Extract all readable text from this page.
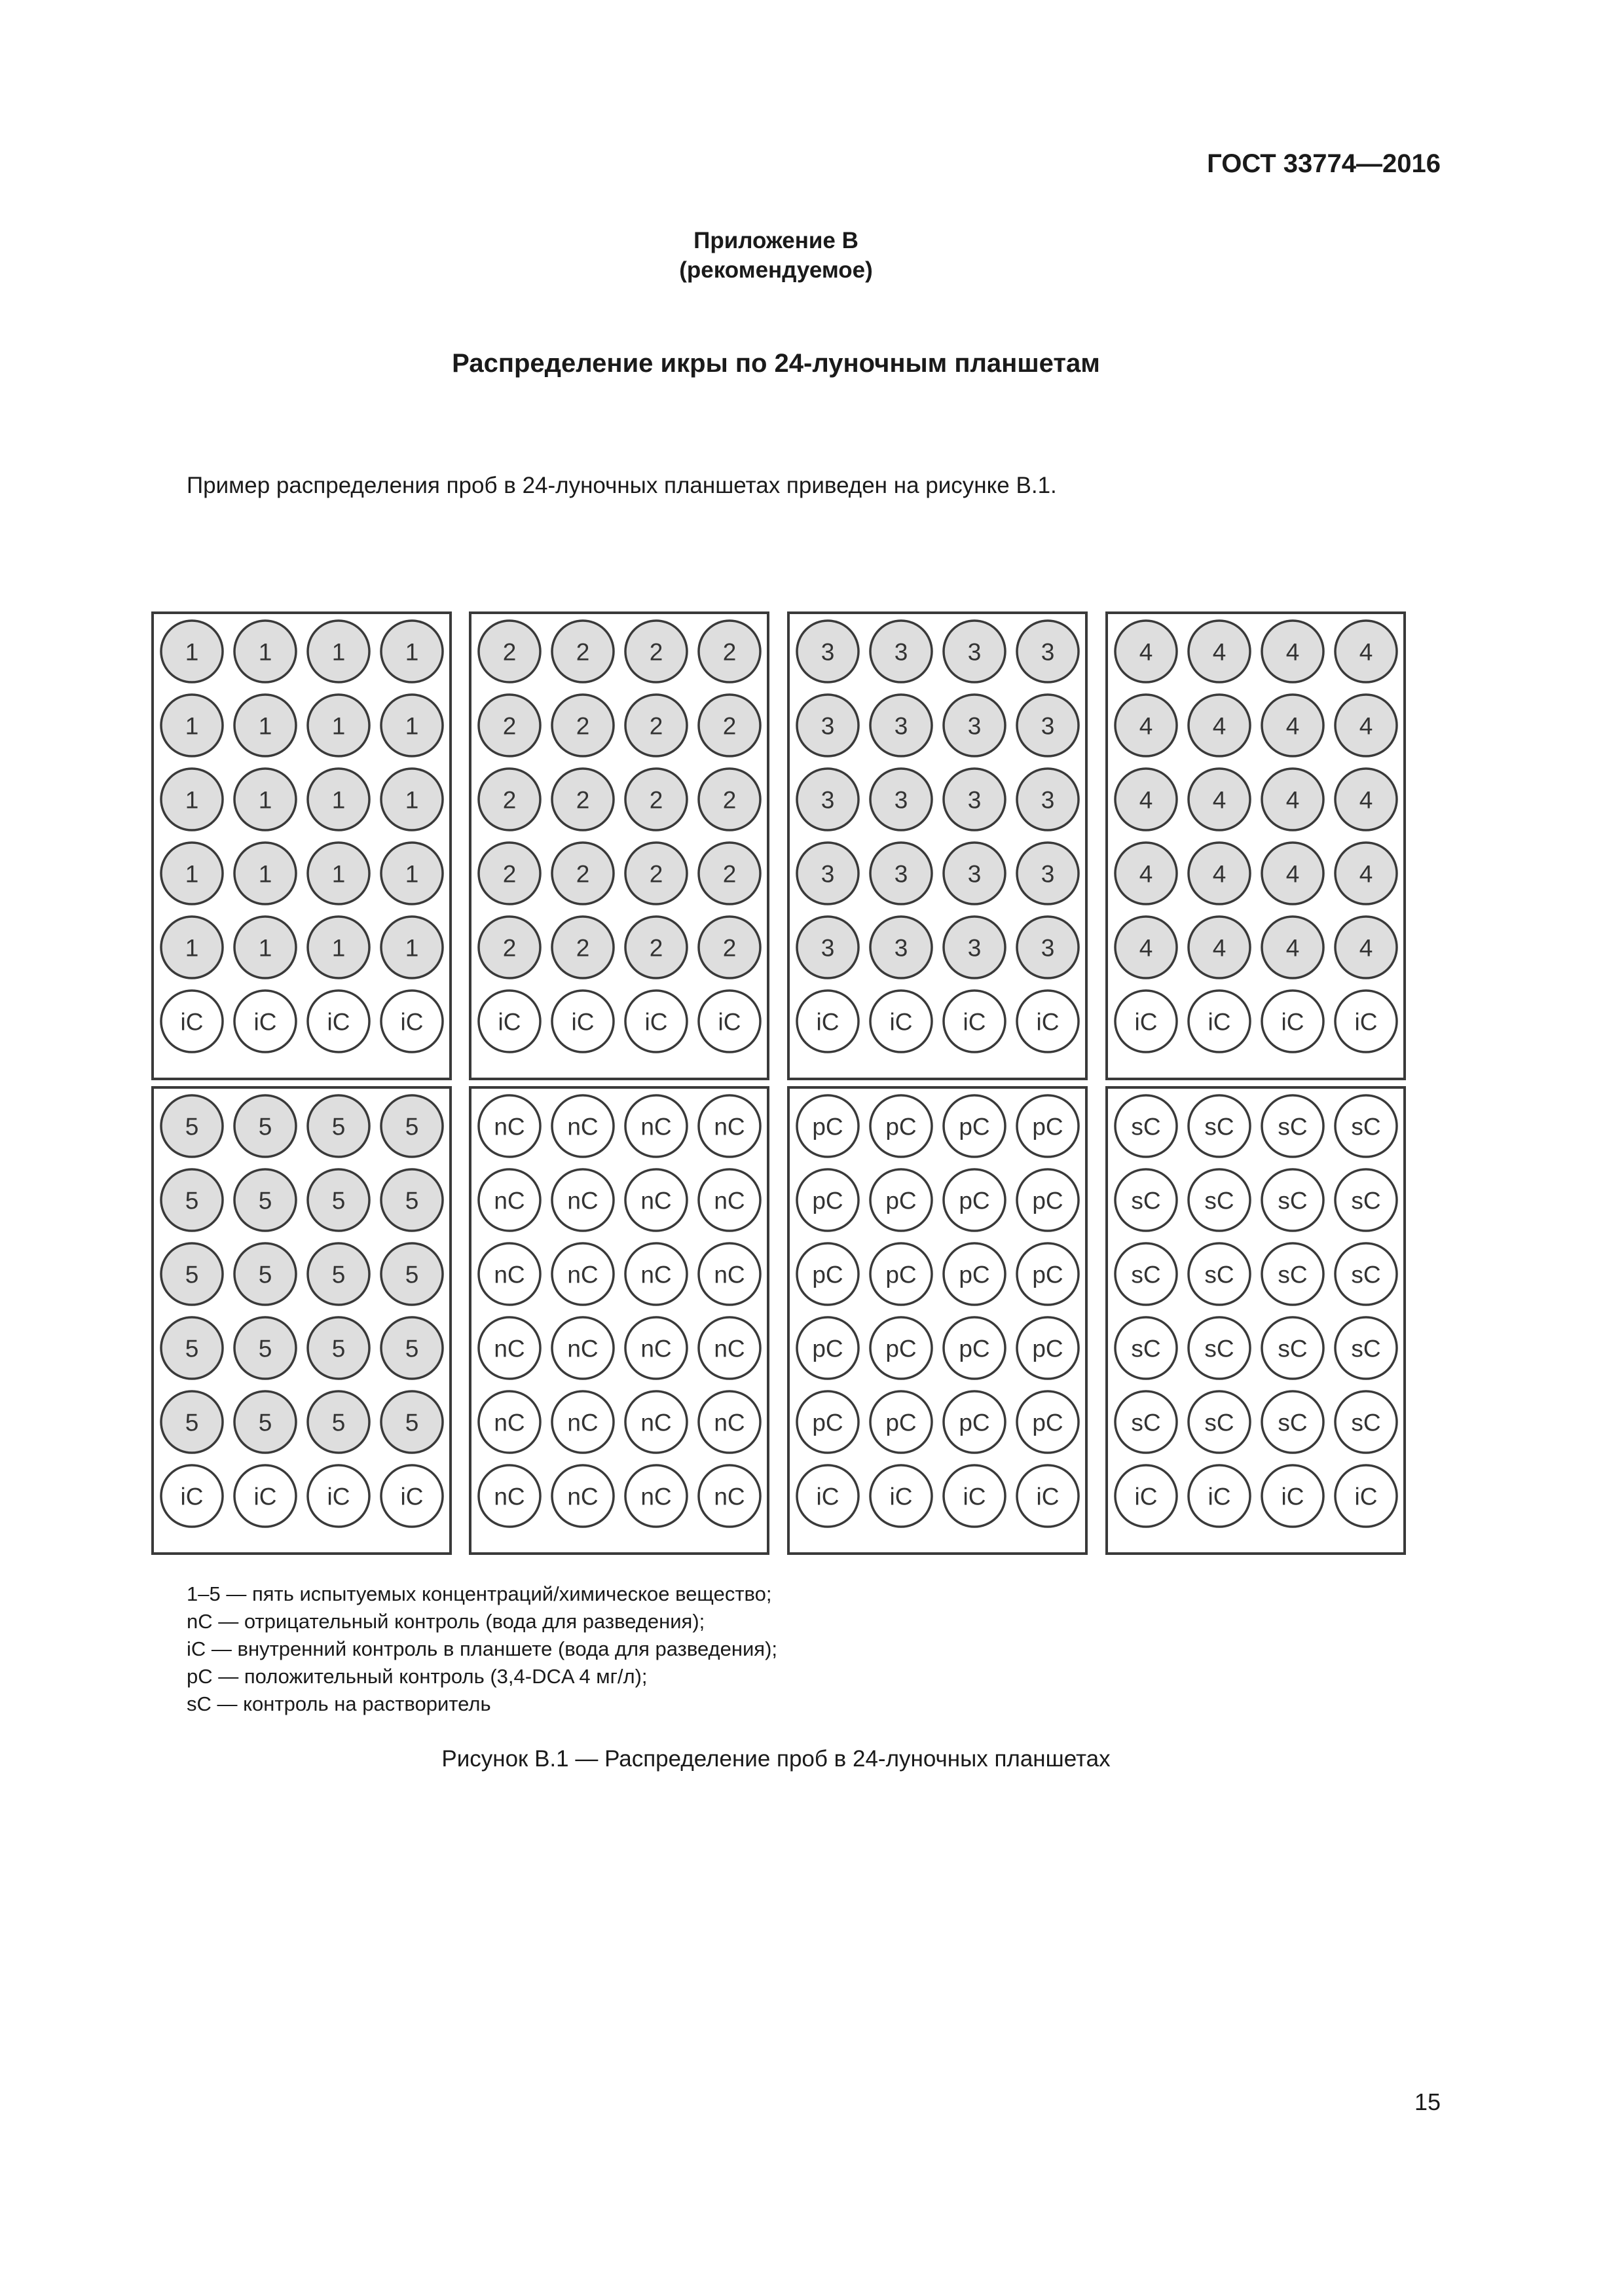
ГОСТ 33774—2016
Приложение В
(рекомендуемое)
Распределение икры по 24-луночным планшетам
Пример распределения проб в 24-луночных планшетах приведен на рисунке В.1.
1 1 1 1
1 1 1 1
1 1 1 1
1 1 1 1
1 1 1 1
iC iC iC iC
2 2 2 2
2 2 2 2
2 2 2 2
2 2 2 2
2 2 2 2
iC iC iC iC
3 3 3 3
3 3 3 3
3 3 3 3
3 3 3 3
3 3 3 3
iC iC iC iC
4 4 4 4
4 4 4 4
4 4 4 4
4 4 4 4
4 4 4 4
iC iC iC iC
5 5 5 5
5 5 5 5
5 5 5 5
5 5 5 5
5 5 5 5
iC iC iC iC
nC nC nC nC
nC nC nC nC
nC nC nC nC
nC nC nC nC
nC nC nC nC
nC nC nC nC
pC pC pC pC
pC pC pC pC
pC pC pC pC
pC pC pC pC
pC pC pC pC
iC iC iC iC
sC sC sC sC
sC sC sC sC
sC sC sC sC
sC sC sC sC
sC sC sC sC
iC iC iC iC
1–5 — пять испытуемых концентраций/химическое вещество;
nC — отрицательный контроль (вода для разведения);
iC — внутренний контроль в планшете (вода для разведения);
pC — положительный контроль (3,4-DCA 4 мг/л);
sC — контроль на растворитель
Рисунок В.1 — Распределение проб в 24-луночных планшетах
15
